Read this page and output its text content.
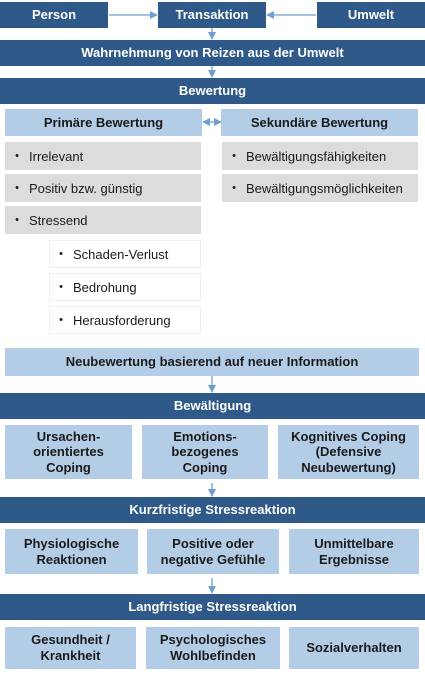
Person	Transaktion	Umwelt
Wahrnehmung von Reizen aus der Umwelt
Bewertung
Primäre Bewertung	Sekundäre Bewertung
• Irrelevant
• Positiv bzw. günstig
• Stressend
• Schaden-Verlust
• Bedrohung
• Herausforderung
• Bewältigungsfähigkeiten
• Bewältigungsmöglichkeiten
Neubewertung basierend auf neuer Information
Bewältigung
Ursachen-
orientiertes
Coping
Emotions-
bezogenes
Coping
Kognitives Coping
(Defensive
Neubewertung)
Kurzfristige Stressreaktion
Physiologische
Reaktionen
Positive oder
negative Gefühle
Unmittelbare
Ergebnisse
Langfristige Stressreaktion
Gesundheit /
Krankheit
Psychologisches
Wohlbefinden
Sozialverhalten
